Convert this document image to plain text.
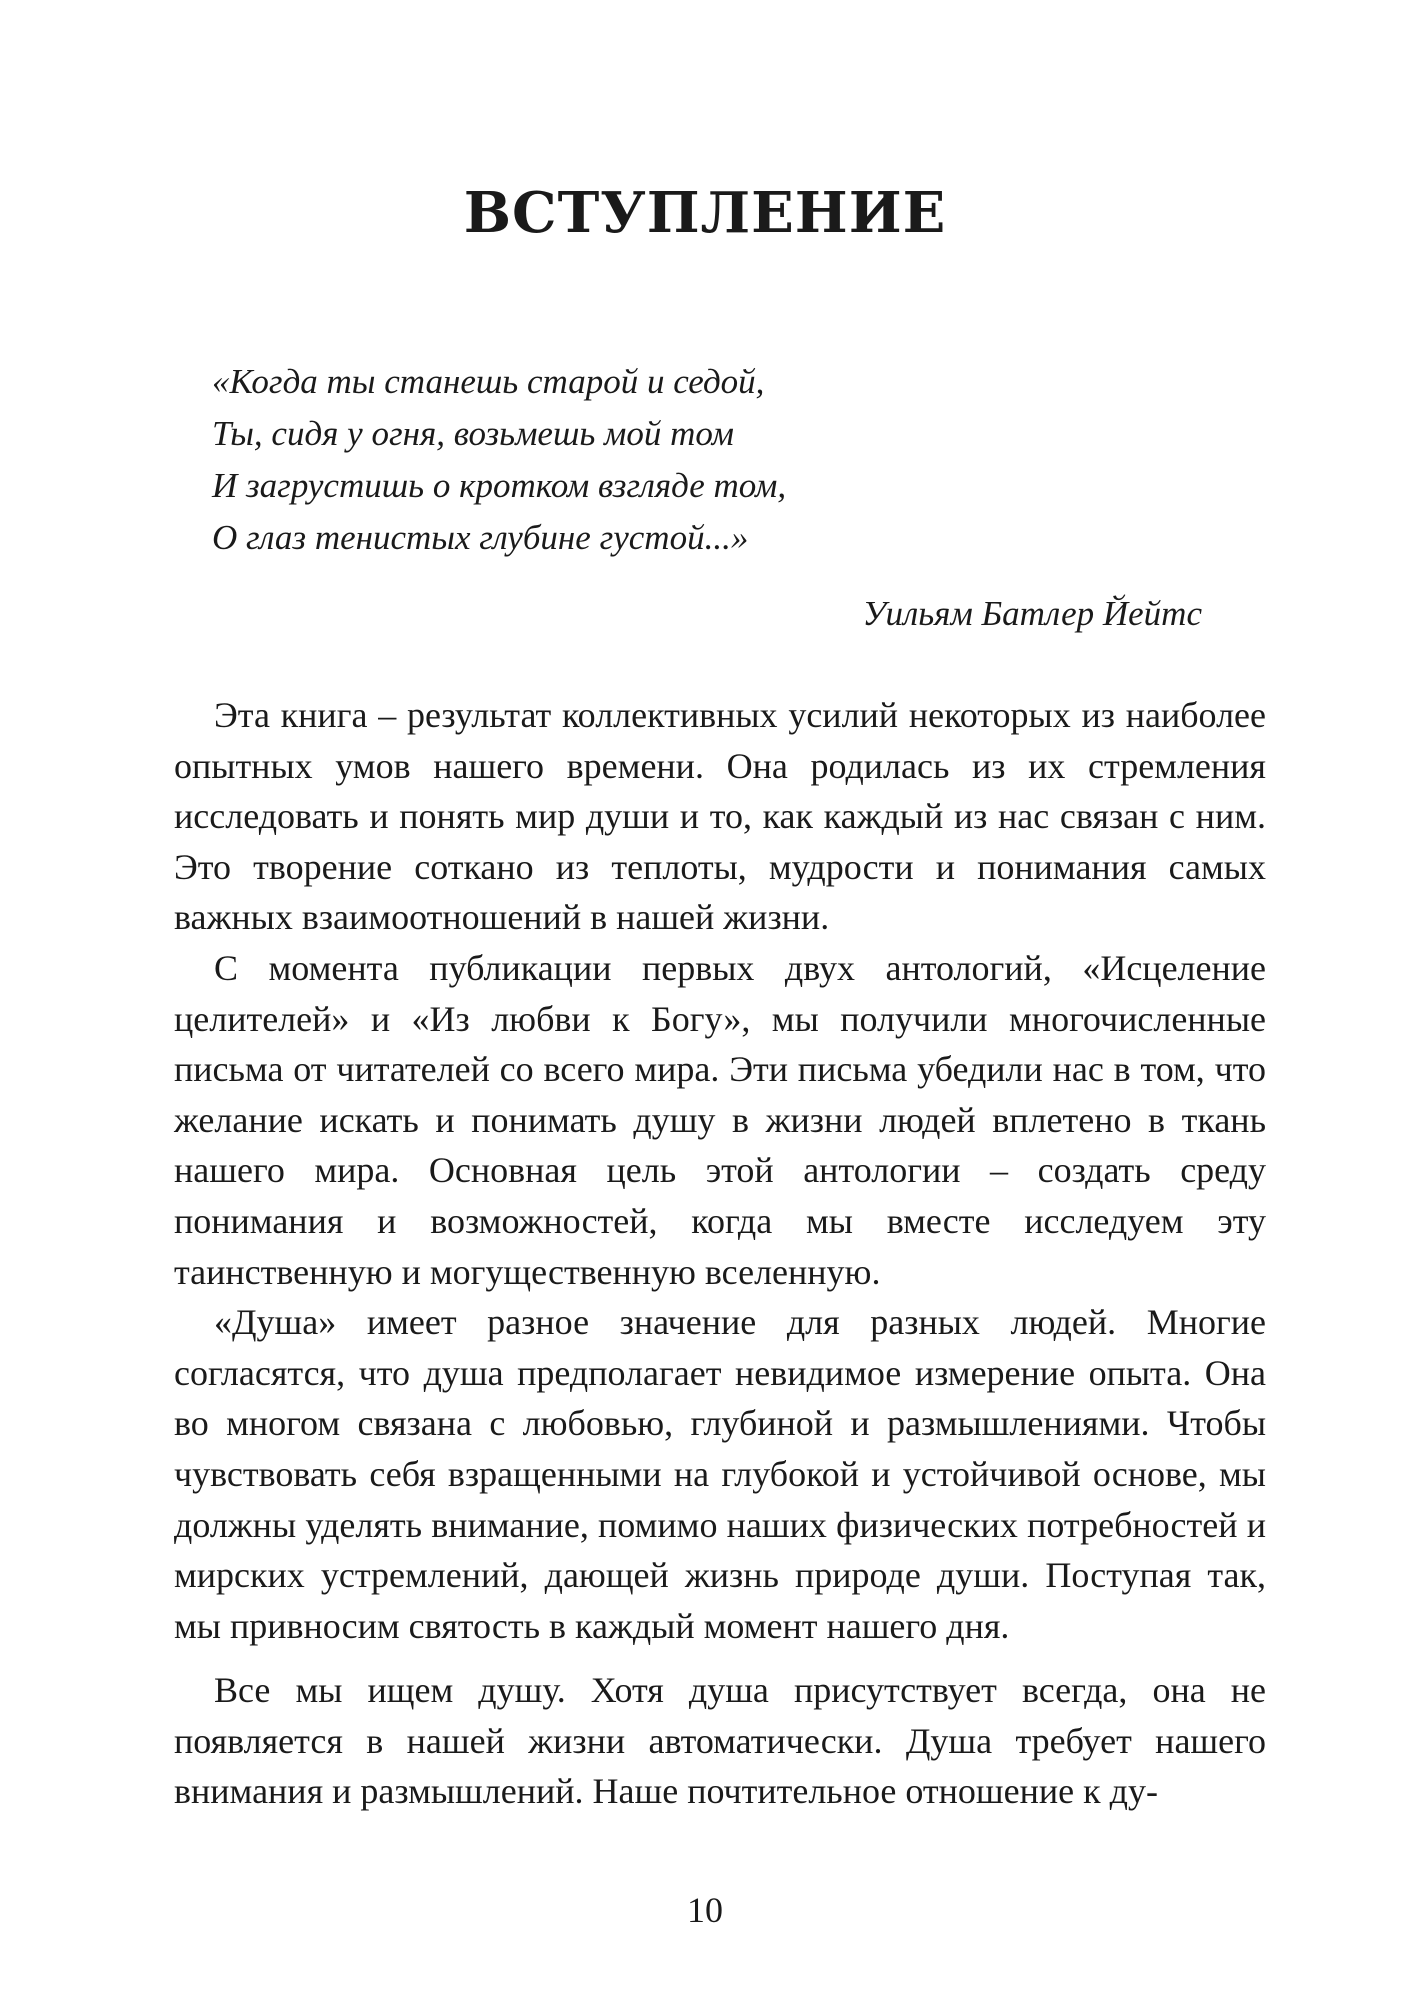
ВСТУПЛЕНИЕ
«Когда ты станешь старой и седой,
Ты, сидя у огня, возьмешь мой том
И загрустишь о кротком взгляде том,
О глаз тенистых глубине густой...»
Уильям Батлер Йейтс

Эта книга – результат коллективных усилий некоторых из наиболее опытных умов нашего времени. Она родилась из их стремления исследовать и понять мир души и то, как каждый из нас связан с ним. Это творение соткано из теплоты, мудрости и понимания самых важных взаимоотношений в нашей жизни.

С момента публикации первых двух антологий, «Исцеление целителей» и «Из любви к Богу», мы получили многочисленные письма от читателей со всего мира. Эти письма убедили нас в том, что желание искать и понимать душу в жизни людей вплетено в ткань нашего мира. Основная цель этой антологии – создать среду понимания и возможностей, когда мы вместе исследуем эту таинственную и могущественную вселенную.

«Душа» имеет разное значение для разных людей. Многие согласятся, что душа предполагает невидимое измерение опыта. Она во многом связана с любовью, глубиной и размышлениями. Чтобы чувствовать себя взращенными на глубокой и устойчивой основе, мы должны уделять внимание, помимо наших физических потребностей и мирских устремлений, дающей жизнь природе души. Поступая так, мы привносим святость в каждый момент нашего дня.

Все мы ищем душу. Хотя душа присутствует всегда, она не появляется в нашей жизни автоматически. Душа требует нашего внимания и размышлений. Наше почтительное отношение к ду-

10
